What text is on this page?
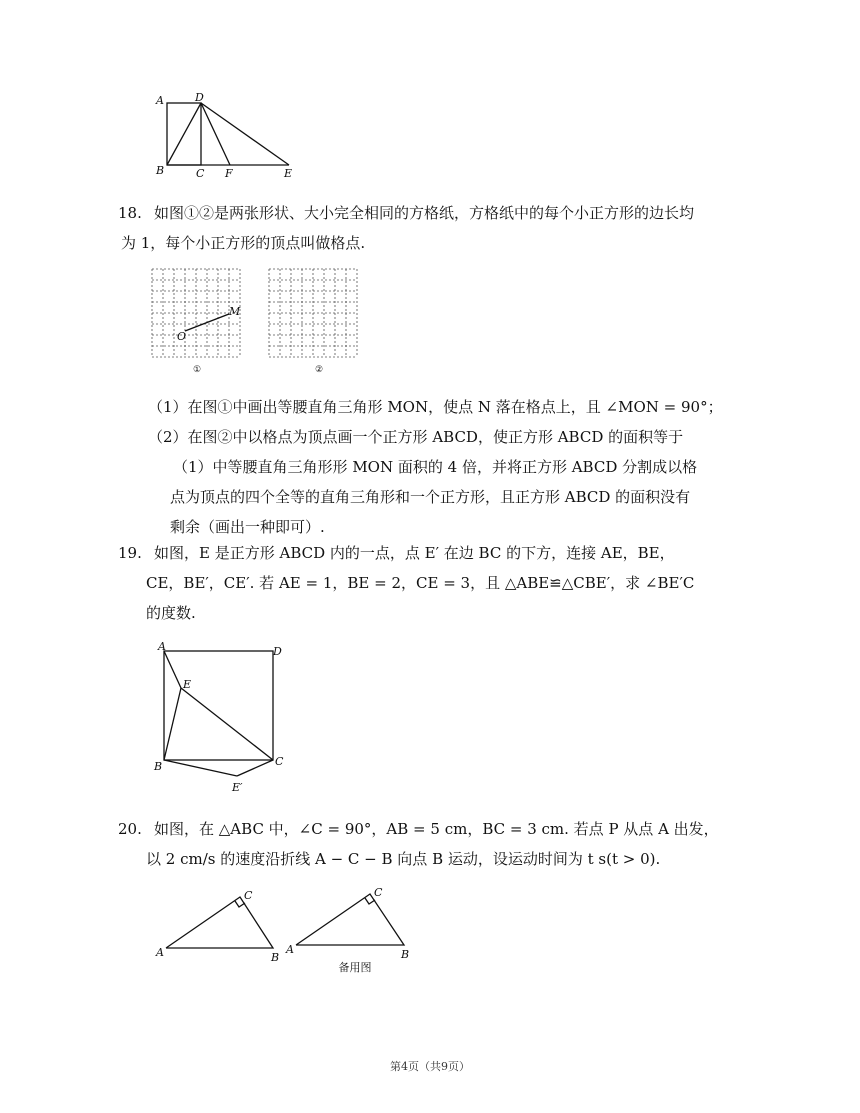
A	D
B	C F	E
18. 如图①②是两张形状、大小完全相同的方格纸，方格纸中的每个小正方形的边长均
为 1，每个小正方形的顶点叫做格点.
M
O
①	②
（1）在图①中画出等腰直角三角形 MON，使点 N 落在格点上，且 ∠MON = 90°；
（2）在图②中以格点为顶点画一个正方形 ABCD，使正方形 ABCD 的面积等于
（1）中等腰直角三角形形 MON 面积的 4 倍，并将正方形 ABCD 分割成以格
点为顶点的四个全等的直角三角形和一个正方形，且正方形 ABCD 的面积没有
剩余（画出一种即可）.
19. 如图，E 是正方形 ABCD 内的一点，点 E′ 在边 BC 的下方，连接 AE，BE，
CE，BE′，CE′. 若 AE = 1，BE = 2，CE = 3，且 △ABE≌△CBE′，求 ∠BE′C
的度数.
A	D
E
B	C
E′
20. 如图，在 △ABC 中，∠C = 90°，AB = 5 cm，BC = 3 cm. 若点 P 从点 A 出发，
以 2 cm/s 的速度沿折线 A − C − B 向点 B 运动，设运动时间为 t s(t > 0).
A	B
C
A	B
C
备用图
第4页（共9页）
